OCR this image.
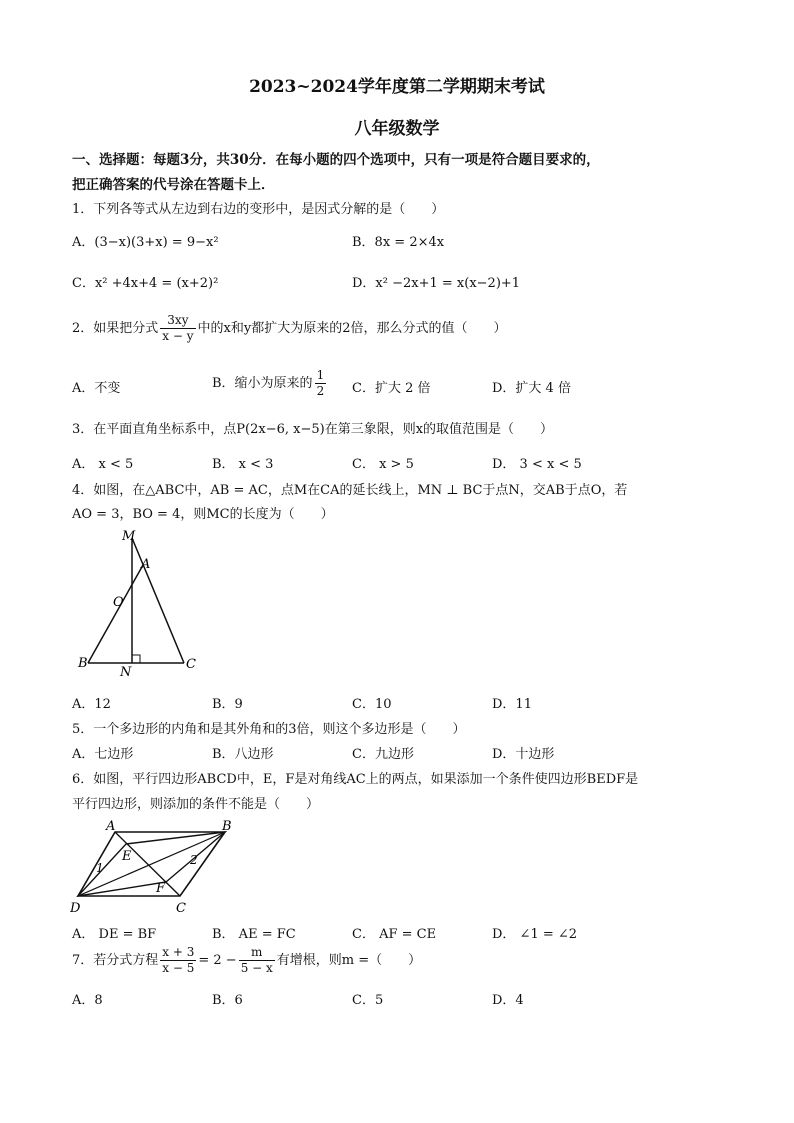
2023~2024学年度第二学期期末考试
八年级数学
一、选择题：每题3分，共30分．在每小题的四个选项中，只有一项是符合题目要求的，
把正确答案的代号涂在答题卡上．
1．下列各等式从左边到右边的变形中，是因式分解的是（　　）
A．(3−x)(3+x) = 9−x²	B．8x = 2×4x
C．x² +4x+4 = (x+2)²	D．x² −2x+1 = x(x−2)+1
2．如果把分式 $\frac{3xy}{x - y}$ 中的x和y都扩大为原来的2倍，那么分式的值（　　）
A．不变	B．缩小为原来的 $\frac{1}{2}$ C．扩大 2 倍	D．扩大 4 倍
3．在平面直角坐标系中，点P(2x−6, x−5)在第三象限，则x的取值范围是（　　）
A． x < 5	B． x < 3	C． x > 5	D． 3 < x < 5
4．如图，在△ABC中，AB = AC，点M在CA的延长线上，MN ⊥ BC于点N，交AB于点O，若
AO = 3，BO = 4，则MC的长度为（　　）
M
A
O
B
N
C
A．12	B．9	C．10	D．11
5．一个多边形的内角和是其外角和的3倍，则这个多边形是（　　）
A．七边形	B．八边形	C．九边形	D．十边形
6．如图，平行四边形ABCD中，E，F是对角线AC上的两点，如果添加一个条件使四边形BEDF是
平行四边形，则添加的条件不能是（　　）
A	B
C
D
E
F
1
2
A． DE = BF	B． AE = FC	C． AF = CE	D． ∠1 = ∠2
7．若分式方程 $\frac{x + 3}{x - 5} = 2 - \frac{m}{5 - x}$ 有增根，则m =（　　）
A．8	B．6	C．5	D．4
